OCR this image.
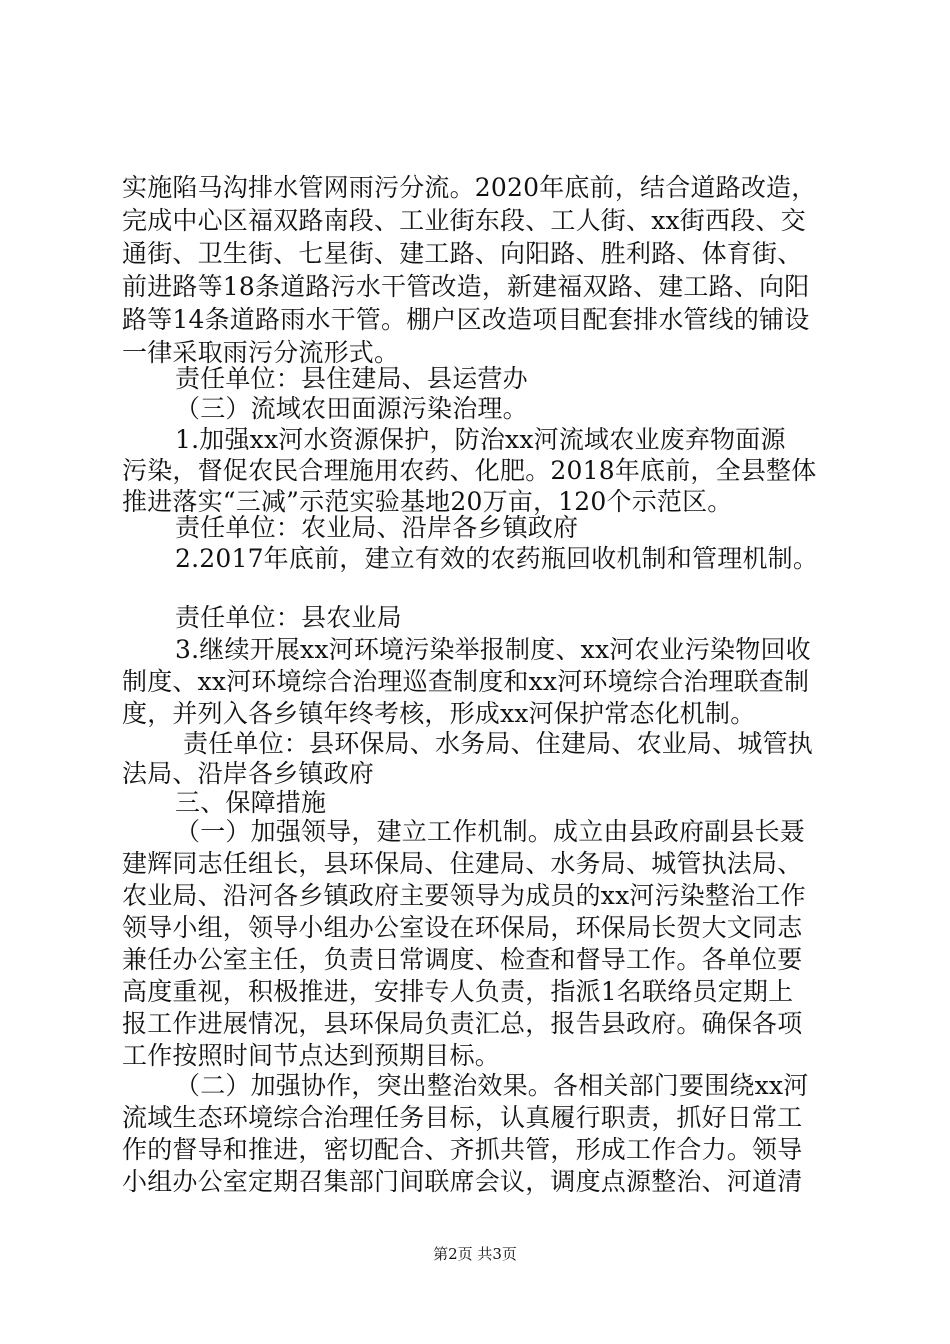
实施陷马沟排水管网雨污分流。2020年底前，结合道路改造，
完成中心区福双路南段、工业街东段、工人街、xx街西段、交
通街、卫生街、七星街、建工路、向阳路、胜利路、体育街、
前进路等18条道路污水干管改造，新建福双路、建工路、向阳
路等14条道路雨水干管。棚户区改造项目配套排水管线的铺设
一律采取雨污分流形式。
责任单位：县住建局、县运营办
（三）流域农田面源污染治理。
1.加强xx河水资源保护，防治xx河流域农业废弃物面源
污染，督促农民合理施用农药、化肥。2018年底前，全县整体
推进落实“三减”示范实验基地20万亩，120个示范区。
责任单位：农业局、沿岸各乡镇政府
2.2017年底前，建立有效的农药瓶回收机制和管理机制。
责任单位：县农业局
3.继续开展xx河环境污染举报制度、xx河农业污染物回收
制度、xx河环境综合治理巡查制度和xx河环境综合治理联查制
度，并列入各乡镇年终考核，形成xx河保护常态化机制。
责任单位：县环保局、水务局、住建局、农业局、城管执
法局、沿岸各乡镇政府
三、保障措施
（一）加强领导，建立工作机制。成立由县政府副县长聂
建辉同志任组长，县环保局、住建局、水务局、城管执法局、
农业局、沿河各乡镇政府主要领导为成员的xx河污染整治工作
领导小组，领导小组办公室设在环保局，环保局长贺大文同志
兼任办公室主任，负责日常调度、检查和督导工作。各单位要
高度重视，积极推进，安排专人负责，指派1名联络员定期上
报工作进展情况，县环保局负责汇总，报告县政府。确保各项
工作按照时间节点达到预期目标。
（二）加强协作，突出整治效果。各相关部门要围绕xx河
流域生态环境综合治理任务目标，认真履行职责，抓好日常工
作的督导和推进，密切配合、齐抓共管，形成工作合力。领导
小组办公室定期召集部门间联席会议，调度点源整治、河道清
第2页 共3页
